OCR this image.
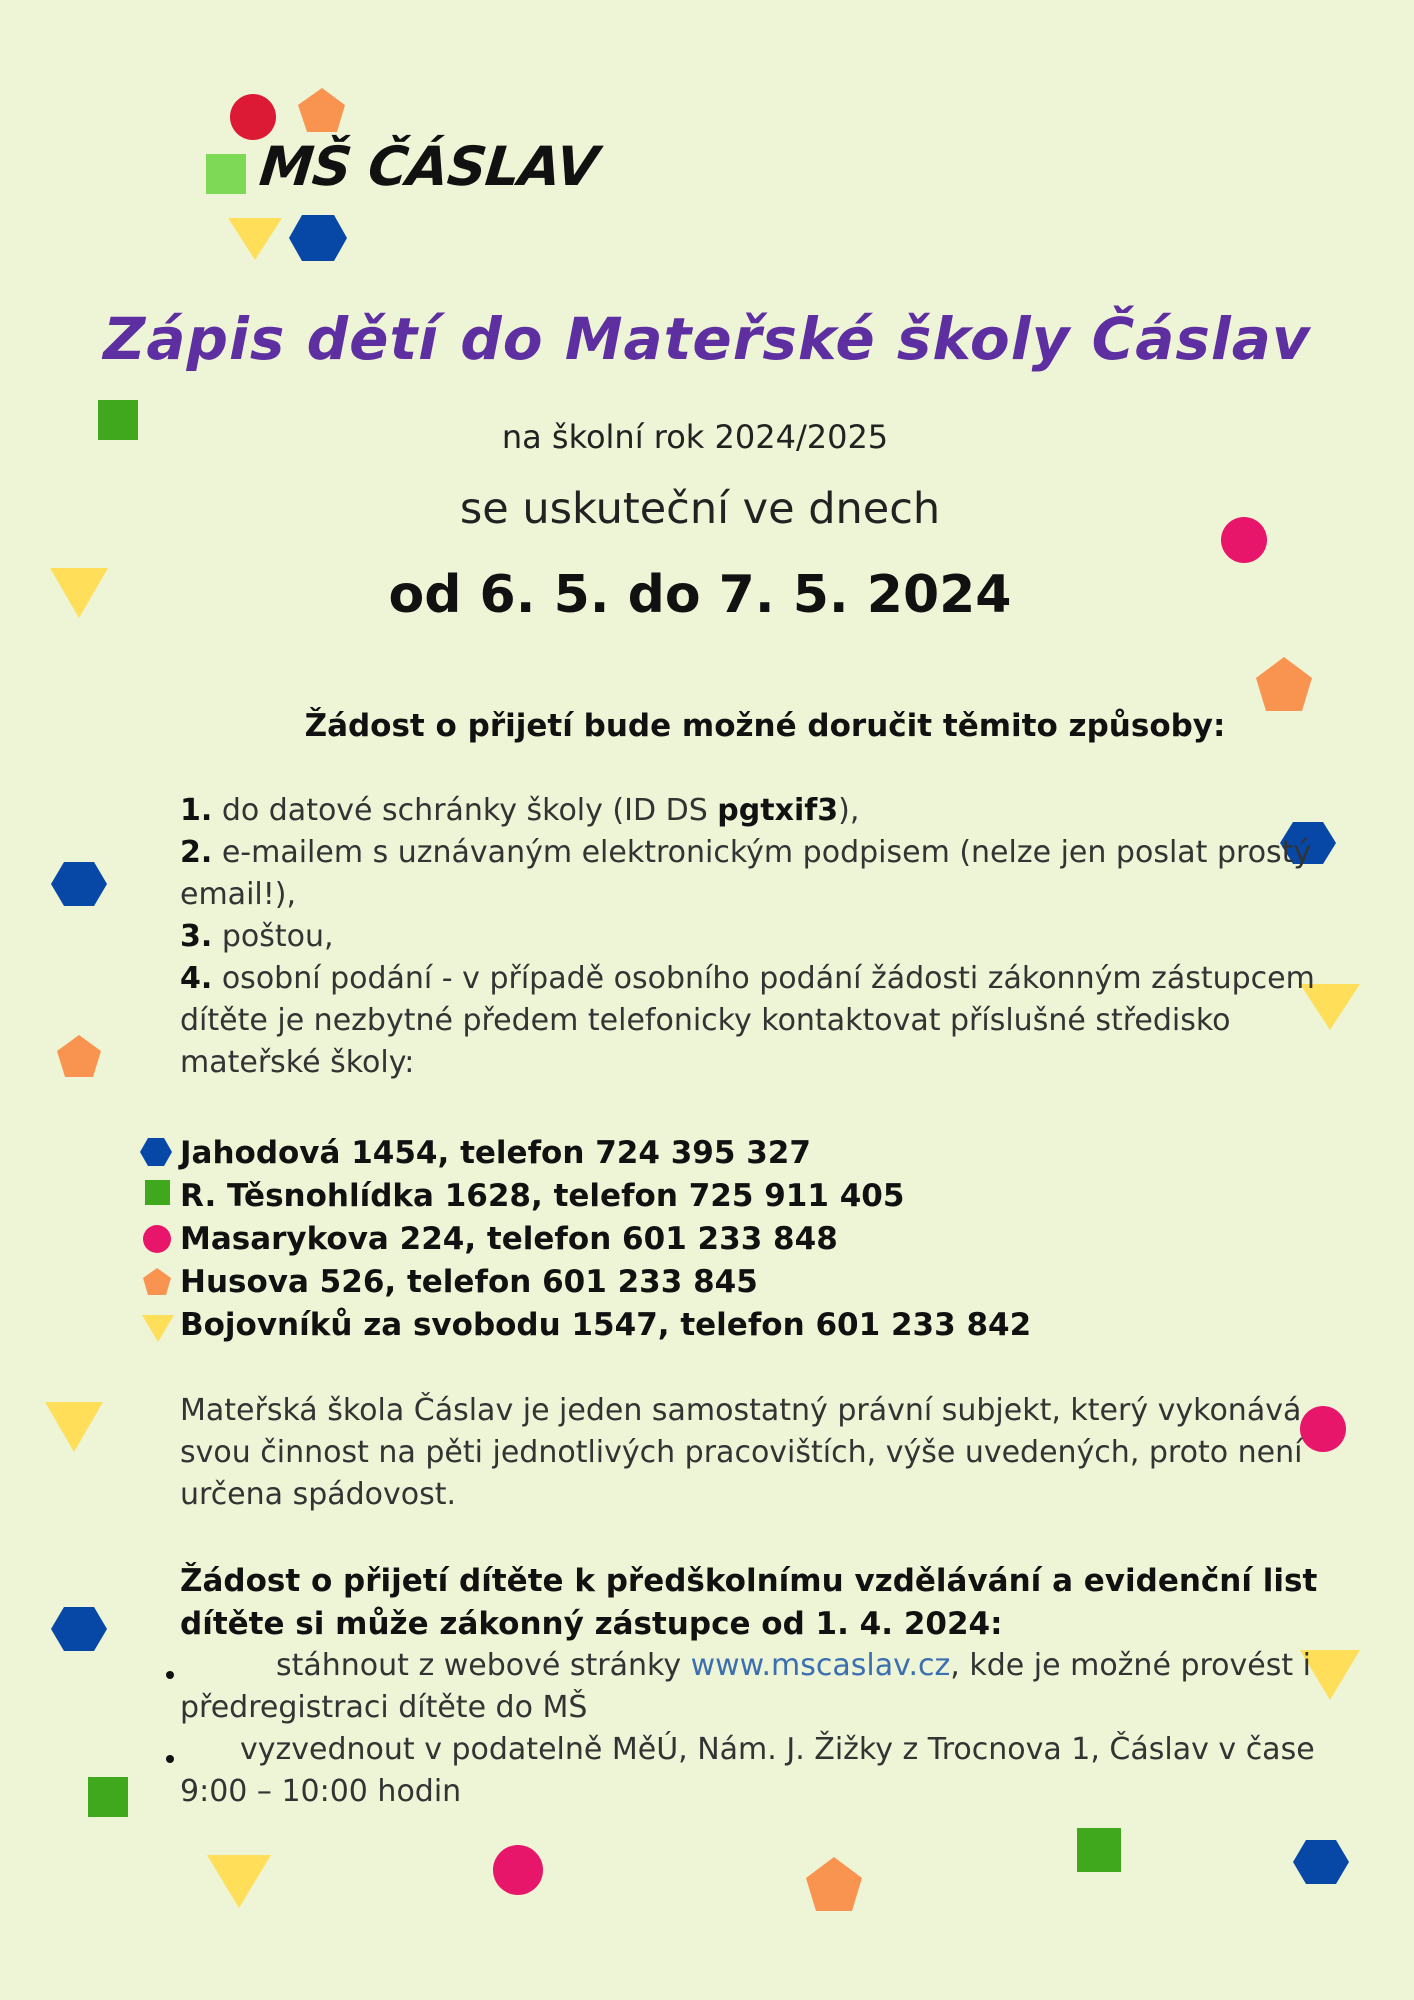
MŠ ČÁSLAV
Zápis dětí do Mateřské školy Čáslav
na školní rok 2024/2025
se uskuteční ve dnech
od 6. 5. do 7. 5. 2024
Žádost o přijetí bude možné doručit těmito způsoby:
1. do datové schránky školy (ID DS pgtxif3),
2. e-mailem s uznávaným elektronickým podpisem (nelze jen poslat prostý email!),
3. poštou,
4. osobní podání - v případě osobního podání žádosti zákonným zástupcem dítěte je nezbytné předem telefonicky kontaktovat příslušné středisko mateřské školy:
Jahodová 1454, telefon 724 395 327
R. Těsnohlídka 1628, telefon 725 911 405
Masarykova 224, telefon 601 233 848
Husova 526, telefon 601 233 845
Bojovníků za svobodu 1547, telefon 601 233 842
Mateřská škola Čáslav je jeden samostatný právní subjekt, který vykonává svou činnost na pěti jednotlivých pracovištích, výše uvedených, proto není určena spádovost.
Žádost o přijetí dítěte k předškolnímu vzdělávání a evidenční list dítěte si může zákonný zástupce od 1. 4. 2024:
stáhnout z webové stránky www.mscaslav.cz, kde je možné provést i předregistraci dítěte do MŠ
vyzvednout v podatelně MěÚ, Nám. J. Žižky z Trocnova 1, Čáslav v čase 9:00 – 10:00 hodin
